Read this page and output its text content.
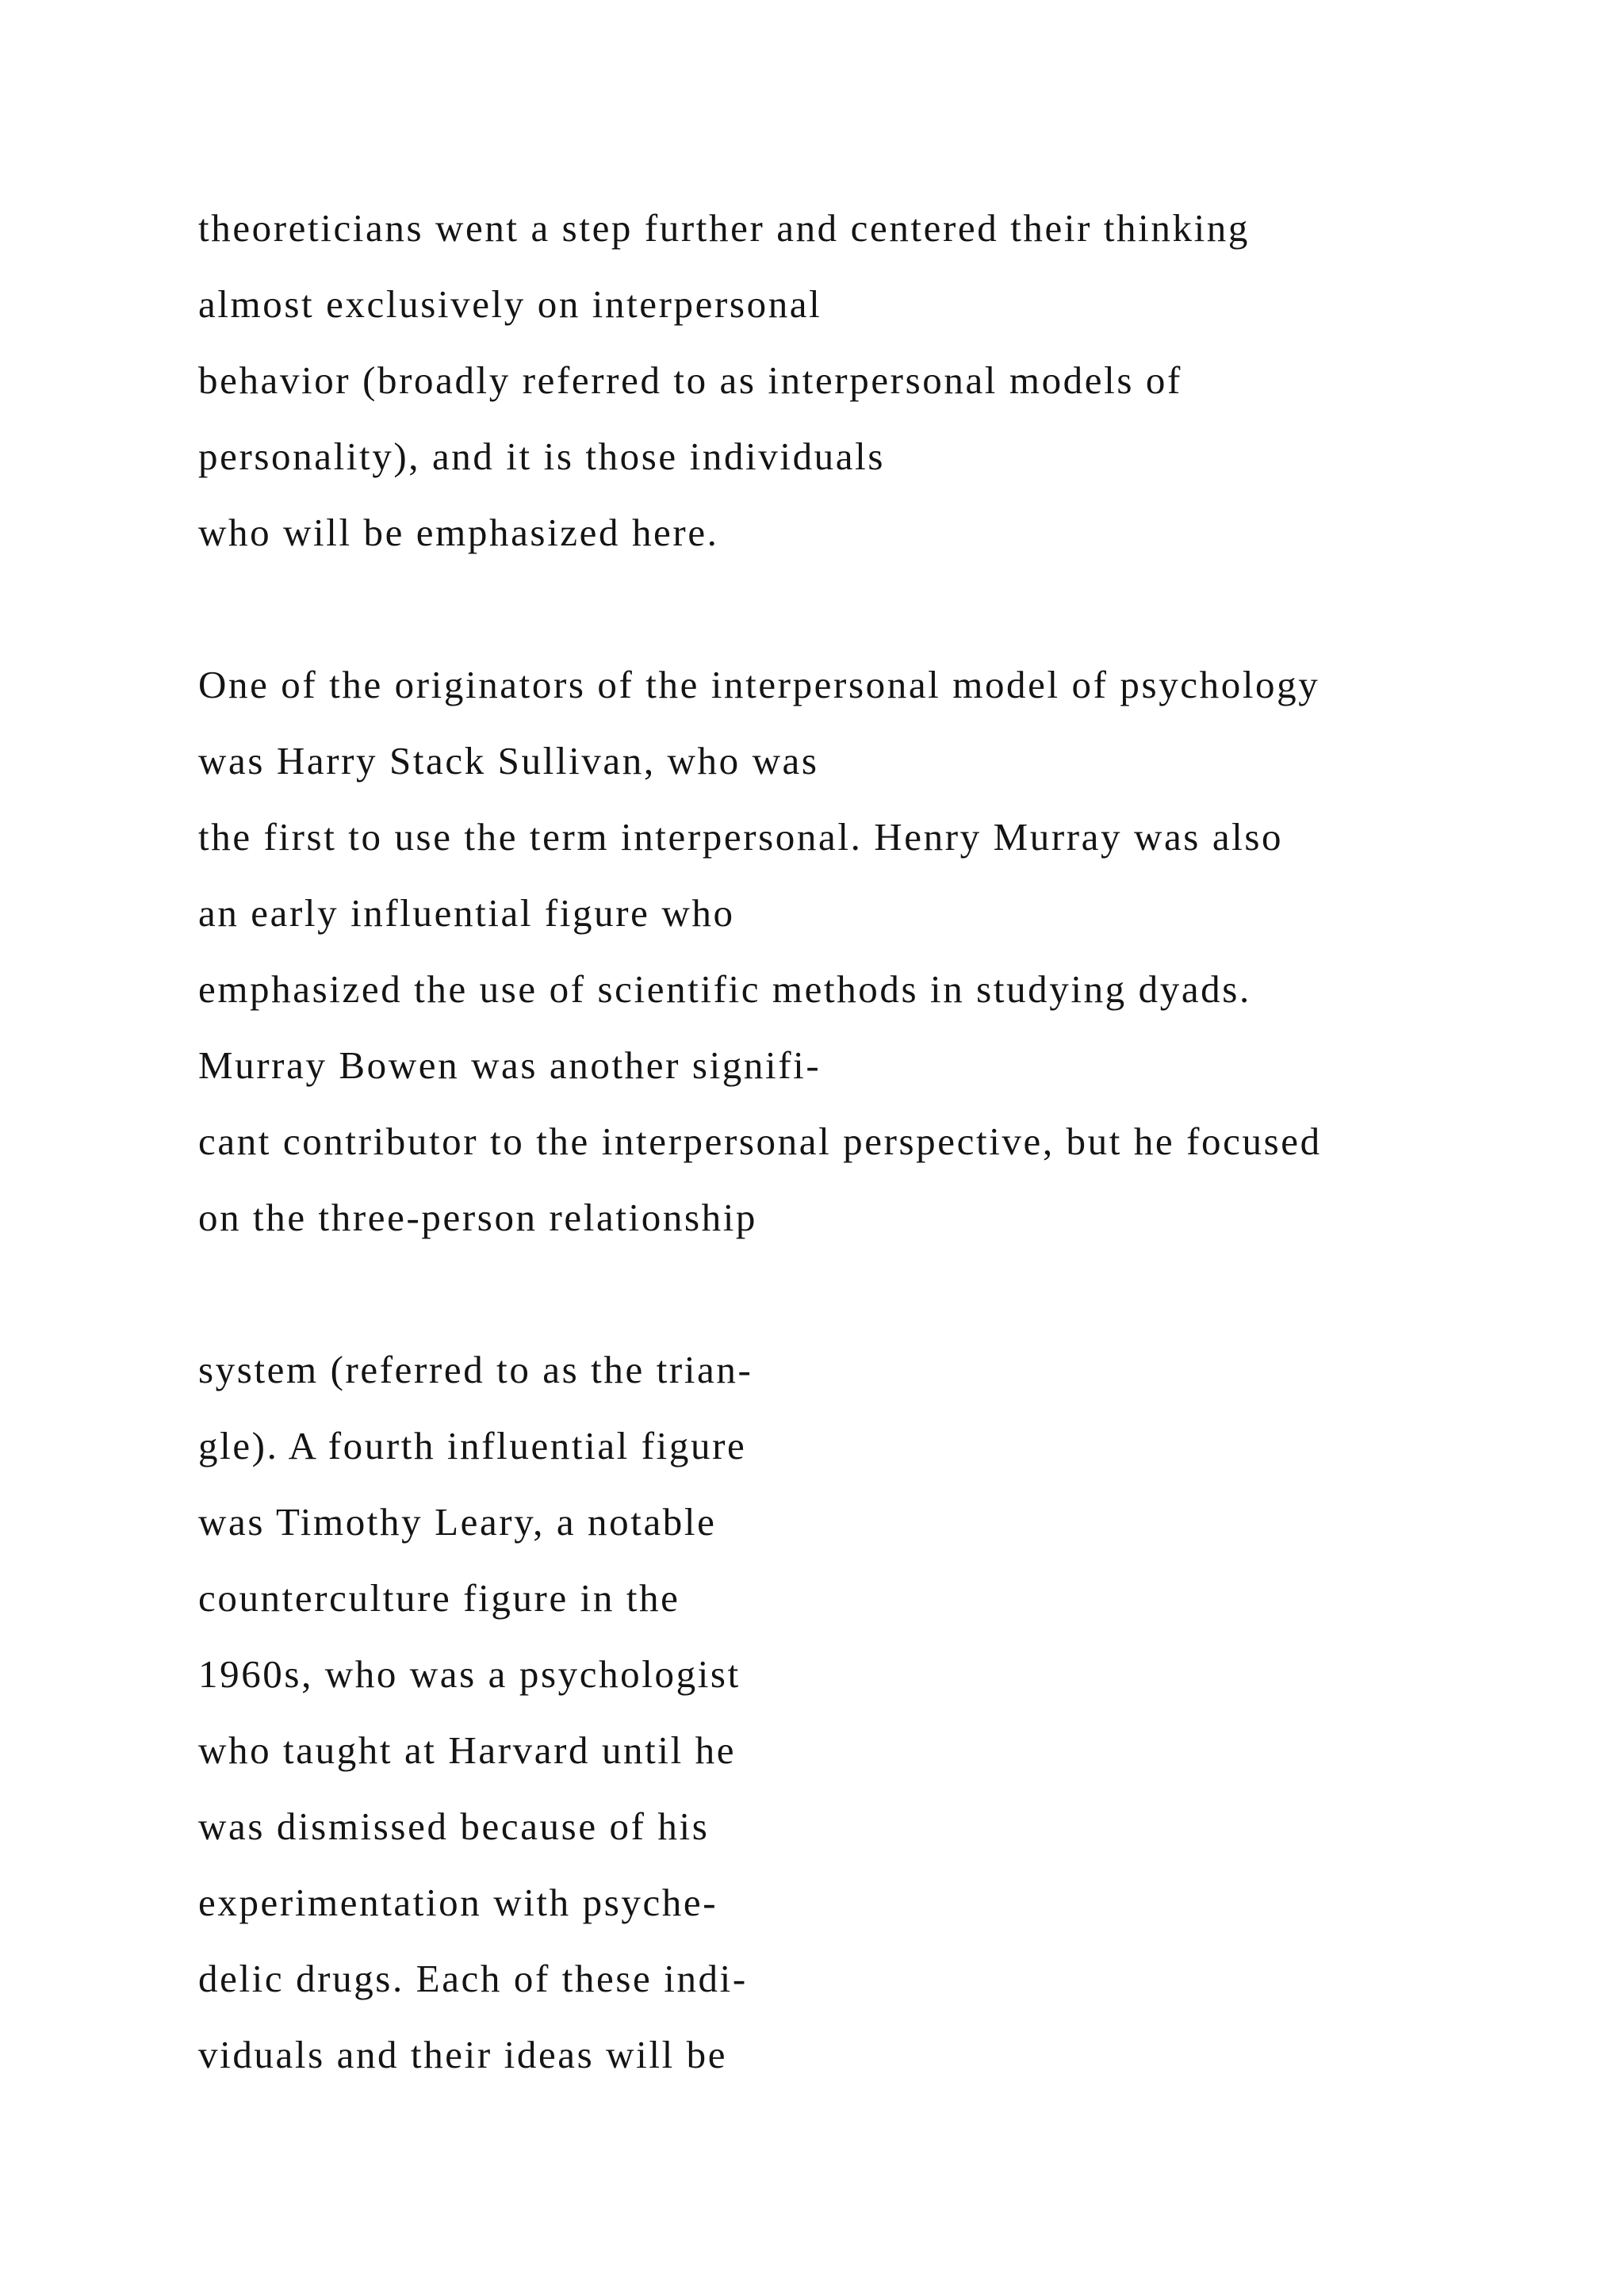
theoreticians went a step further and centered their thinking
almost exclusively on interpersonal
behavior (broadly referred to as interpersonal models of
personality), and it is those individuals
who will be emphasized here.
One of the originators of the interpersonal model of psychology
was Harry Stack Sullivan, who was
the first to use the term interpersonal. Henry Murray was also
an early influential figure who
emphasized the use of scientific methods in studying dyads.
Murray Bowen was another signifi-
cant contributor to the interpersonal perspective, but he focused
on the three-person relationship
system (referred to as the trian-
gle). A fourth influential figure
was Timothy Leary, a notable
counterculture figure in the
1960s, who was a psychologist
who taught at Harvard until he
was dismissed because of his
experimentation with psyche-
delic drugs. Each of these indi-
viduals and their ideas will be
